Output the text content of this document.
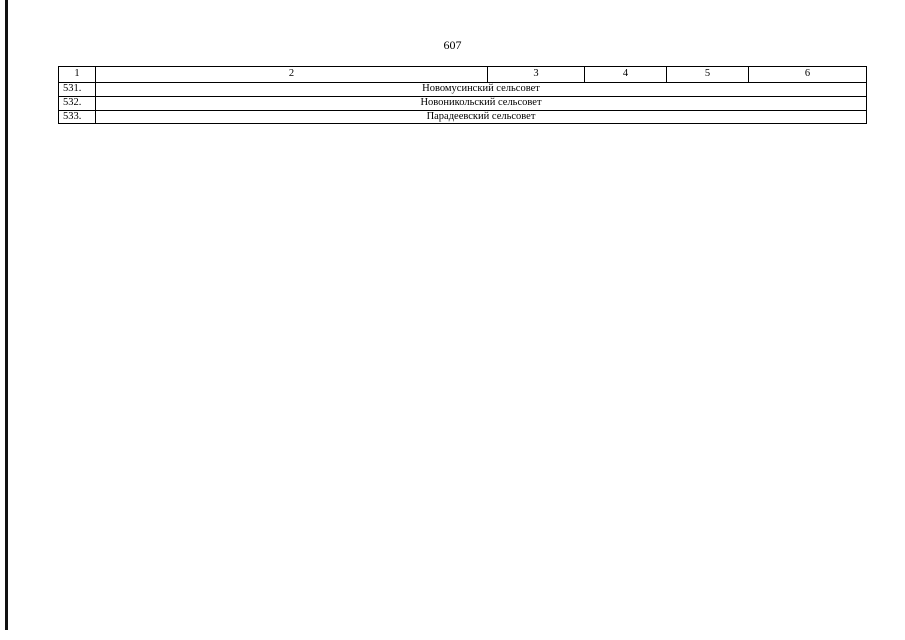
607
1	2	3	4	5	6
531.	Новомусинский сельсовет				
532.	Новоникольский сельсовет				
533.	Парадеевский сельсовет				
